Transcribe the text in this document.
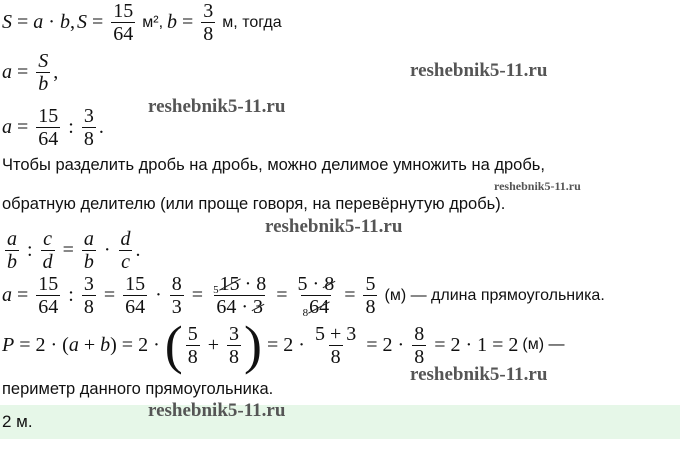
S = a · b , $S = \frac{15}{64} м^2$, $b = \frac{3}{8} м$, тогда
$a = \frac{S}{b}$ ,
$a = \frac{15}{64}$ : 3
8
.
Чтобы разделить дробь на дробь, можно делимое умножить на дробь,
обратную делителю (или проще говоря, на перевёрнутую дробь).
a
b
: $\frac{c}{d} = \frac{a}{b} \cdot d$
c
.
$a = \frac{15}{64}$ : $\frac{3}{8} = \frac{15}{64} \cdot \frac{8}{3} = \frac{515 \cdot 8}{64 \cdot 3} = \frac{5 \cdot 8}{864} = \frac{5}{8} (м)$ — длина прямоугольника.
P = 2 · ( a + b ) = 2 · ( 5
8
+ $\frac{3}{8}$ ) = $2 \cdot \frac{5 + 3}{8} = 2 \cdot \frac{8}{8} = 2 \cdot 1 = 2$ (м) —
периметр данного прямоугольника.
2 м.
reshebnik5-11.ru
reshebnik5-11.ru
reshebnik5-11.ru
reshebnik5-11.ru
reshebnik5-11.ru
reshebnik5-11.ru
